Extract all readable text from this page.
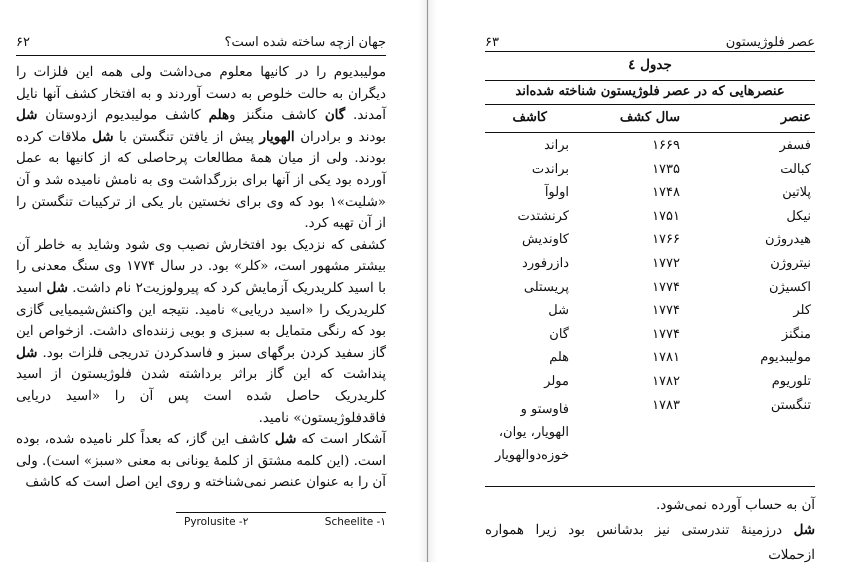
۶۲	جهان ازچه ساخته شده است؟

مولیبدیوم را در کانیها معلوم می‌داشت ولی همه این فلزات را دیگران به حالت خلوص به دست آوردند و به افتخار کشف آنها نایل آمدند. گان کاشف منگنز وهلم کاشف مولیبدیوم ازدوستان شل بودند و برادران الهویار پیش از یافتن تنگستن با شل ملاقات کرده بودند. ولی از میان همهٔ مطالعات پرحاصلی که از کانیها به عمل آورده بود یکی از آنها برای بزرگداشت وی به نامش نامیده شد و آن «شلیت»۱ بود که وی برای نخستین بار یکی از ترکیبات تنگستن را از آن تهیه کرد.

کشفی که نزدیک بود افتخارش نصیب وی شود وشاید به خاطر آن بیشتر مشهور است، «کلر» بود. در سال ۱۷۷۴ وی سنگ معدنی را با اسید کلریدریک آزمایش کرد که پیرولوزیت۲ نام داشت. شل اسید کلریدریک را «اسید دریایی» نامید. نتیجه این واکنش‌شیمیایی گازی بود که رنگی متمایل به سبزی و بویی زننده‌ای داشت. ازخواص این گاز سفید کردن برگهای سبز و فاسدکردن تدریجی فلزات بود. شل پنداشت که این گاز براثر برداشته شدن فلوژیستون از اسید کلریدریک حاصل شده است پس آن را «اسید دریایی فاقدفلوژیستون» نامید.

آشکار است که شل کاشف این گاز، که بعداً کلر نامیده شده، بوده است. (این کلمه مشتق از کلمهٔ یونانی به معنی «سبز» است). ولی آن را به عنوان عنصر نمی‌شناخته و روی این اصل است که کاشف

Scheelite -۱
Pyrolusite -۲
۶۳	عصر فلوژیستون
جدول ٤
عنصرهایی که در عصر فلوژیستون شناخته شده‌اند
عنصر
سال کشف
کاشف
فسفر
۱۶۶۹
براند
کبالت
۱۷۳۵
براندت
پلاتین
۱۷۴۸
اولوآ
نیکل
۱۷۵۱
کرنشتدت
هیدروژن
۱۷۶۶
کاوندیش
نیتروژن
۱۷۷۲
دازرفورد
اکسیژن
۱۷۷۴
پریستلی
کلر
۱۷۷۴
شل
منگنز
۱۷۷۴
گان
مولیبدیوم
۱۷۸۱
هلم
تلوریوم
۱۷۸۲
مولر
تنگستن
۱۷۸۳
فاوستو و الهویار، یوان، خوزه‌دوالهویار

آن به حساب آورده نمی‌شود.

شل درزمینهٔ تندرستی نیز بدشانس بود زیرا همواره ازحملات
